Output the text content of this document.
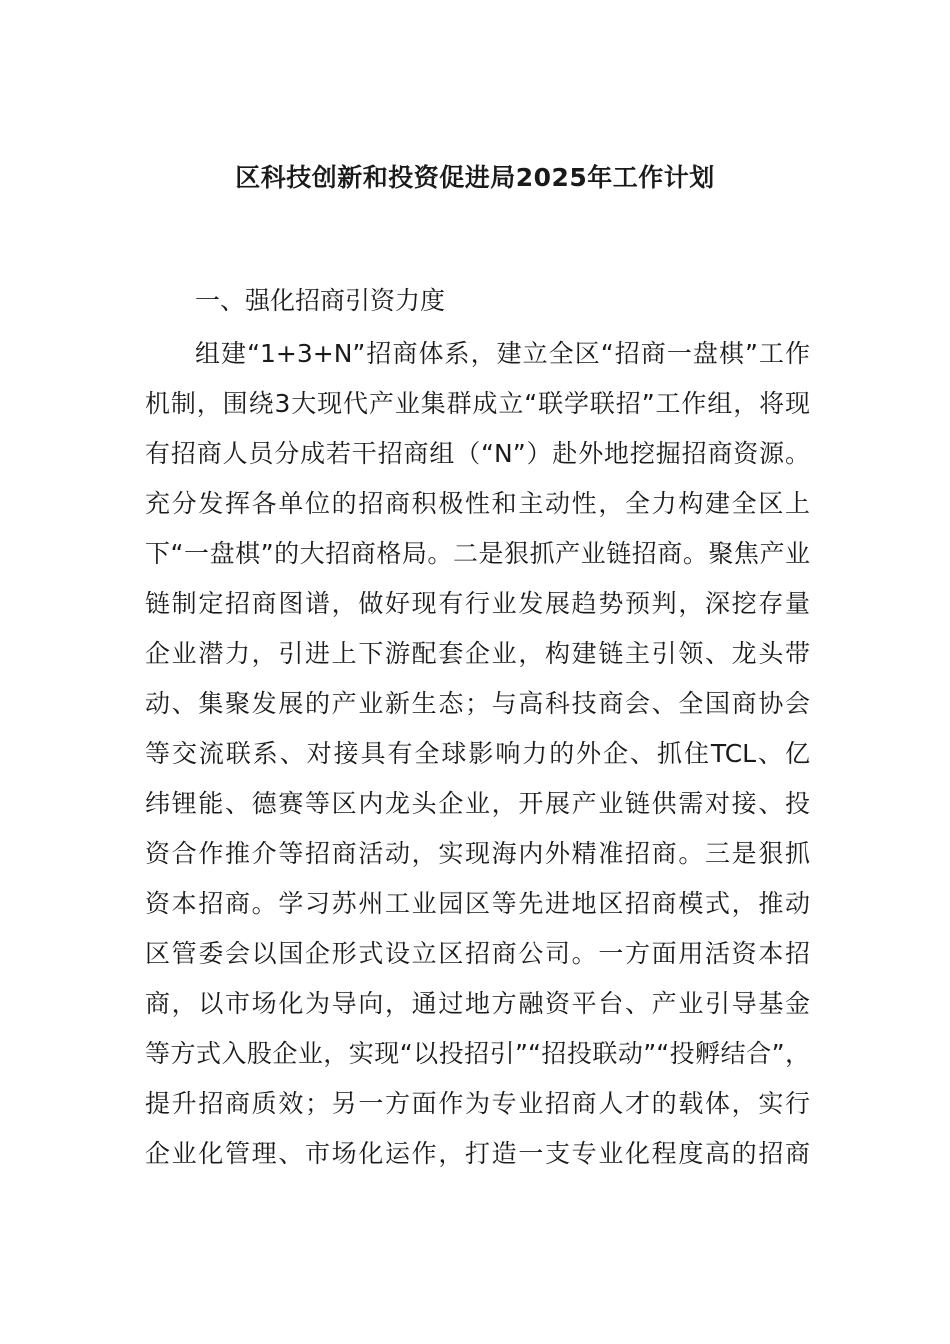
区科技创新和投资促进局2025年工作计划
一、强化招商引资力度
组建“1+3+N”招商体系，建立全区“招商一盘棋”工作
机制，围绕3大现代产业集群成立“联学联招”工作组，将现
有招商人员分成若干招商组（“N”）赴外地挖掘招商资源。
充分发挥各单位的招商积极性和主动性，全力构建全区上
下“一盘棋”的大招商格局。二是狠抓产业链招商。聚焦产业
链制定招商图谱，做好现有行业发展趋势预判，深挖存量
企业潜力，引进上下游配套企业，构建链主引领、龙头带
动、集聚发展的产业新生态；与高科技商会、全国商协会
等交流联系、对接具有全球影响力的外企、抓住TCL、亿
纬锂能、德赛等区内龙头企业，开展产业链供需对接、投
资合作推介等招商活动，实现海内外精准招商。三是狠抓
资本招商。学习苏州工业园区等先进地区招商模式，推动
区管委会以国企形式设立区招商公司。一方面用活资本招
商，以市场化为导向，通过地方融资平台、产业引导基金
等方式入股企业，实现“以投招引”“招投联动”“投孵结合”，
提升招商质效；另一方面作为专业招商人才的载体，实行
企业化管理、市场化运作，打造一支专业化程度高的招商
